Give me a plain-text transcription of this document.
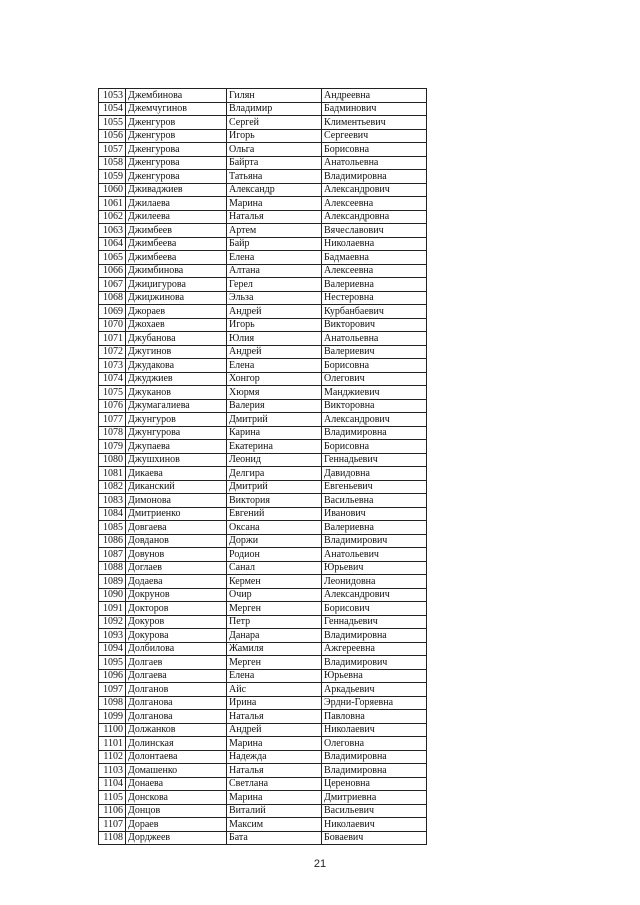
1053	Джембинова	Гилян	Андреевна
1054	Джемчугинов	Владимир	Бадминович
1055	Дженгуров	Сергей	Климентьевич
1056	Дженгуров	Игорь	Сергеевич
1057	Дженгурова	Ольга	Борисовна
1058	Дженгурова	Байрта	Анатольевна
1059	Дженгурова	Татьяна	Владимировна
1060	Дживаджиев	Александр	Александрович
1061	Джилаева	Марина	Алексеевна
1062	Джилеева	Наталья	Александровна
1063	Джимбеев	Артем	Вячеславович
1064	Джимбеева	Байр	Николаевна
1065	Джимбеева	Елена	Бадмаевна
1066	Джимбинова	Алтана	Алексеевна
1067	Джиџигурова	Герел	Валериевна
1068	Джиџжинова	Эльза	Нестеровна
1069	Джораев	Андрей	Курбанбаевич
1070	Джохаев	Игорь	Викторович
1071	Джубанова	Юлия	Анатольевна
1072	Джугинов	Андрей	Валериевич
1073	Джудакова	Елена	Борисовна
1074	Джуджиев	Хонгор	Олегович
1075	Джуканов	Хюрмя	Манджиевич
1076	Джумагалиева	Валерия	Викторовна
1077	Джунгуров	Дмитрий	Александрович
1078	Джунгурова	Карина	Владимировна
1079	Джупаева	Екатерина	Борисовна
1080	Джушхинов	Леонид	Геннадьевич
1081	Дикаева	Делгира	Давидовна
1082	Диканский	Дмитрий	Евгеньевич
1083	Димонова	Виктория	Васильевна
1084	Дмитриенко	Евгений	Иванович
1085	Довгаева	Оксана	Валериевна
1086	Довданов	Доржи	Владимирович
1087	Довунов	Родион	Анатольевич
1088	Доглаев	Санал	Юрьевич
1089	Додаева	Кермен	Леонидовна
1090	Докрунов	Очир	Александрович
1091	Докторов	Мерген	Борисович
1092	Докуров	Петр	Геннадьевич
1093	Докурова	Данара	Владимировна
1094	Долбилова	Жамиля	Ажгереевна
1095	Долгаев	Мерген	Владимирович
1096	Долгаева	Елена	Юрьевна
1097	Долганов	Айс	Аркадьевич
1098	Долганова	Ирина	Эрдни-Горяевна
1099	Долганова	Наталья	Павловна
1100	Должанков	Андрей	Николаевич
1101	Долинская	Марина	Олеговна
1102	Долонтаева	Надежда	Владимировна
1103	Домашенко	Наталья	Владимировна
1104	Донаева	Светлана	Цереновна
1105	Донскова	Марина	Дмитриевна
1106	Донцов	Виталий	Васильевич
1107	Дораев	Максим	Николаевич
1108	Дорджеев	Бата	Боваевич
21
